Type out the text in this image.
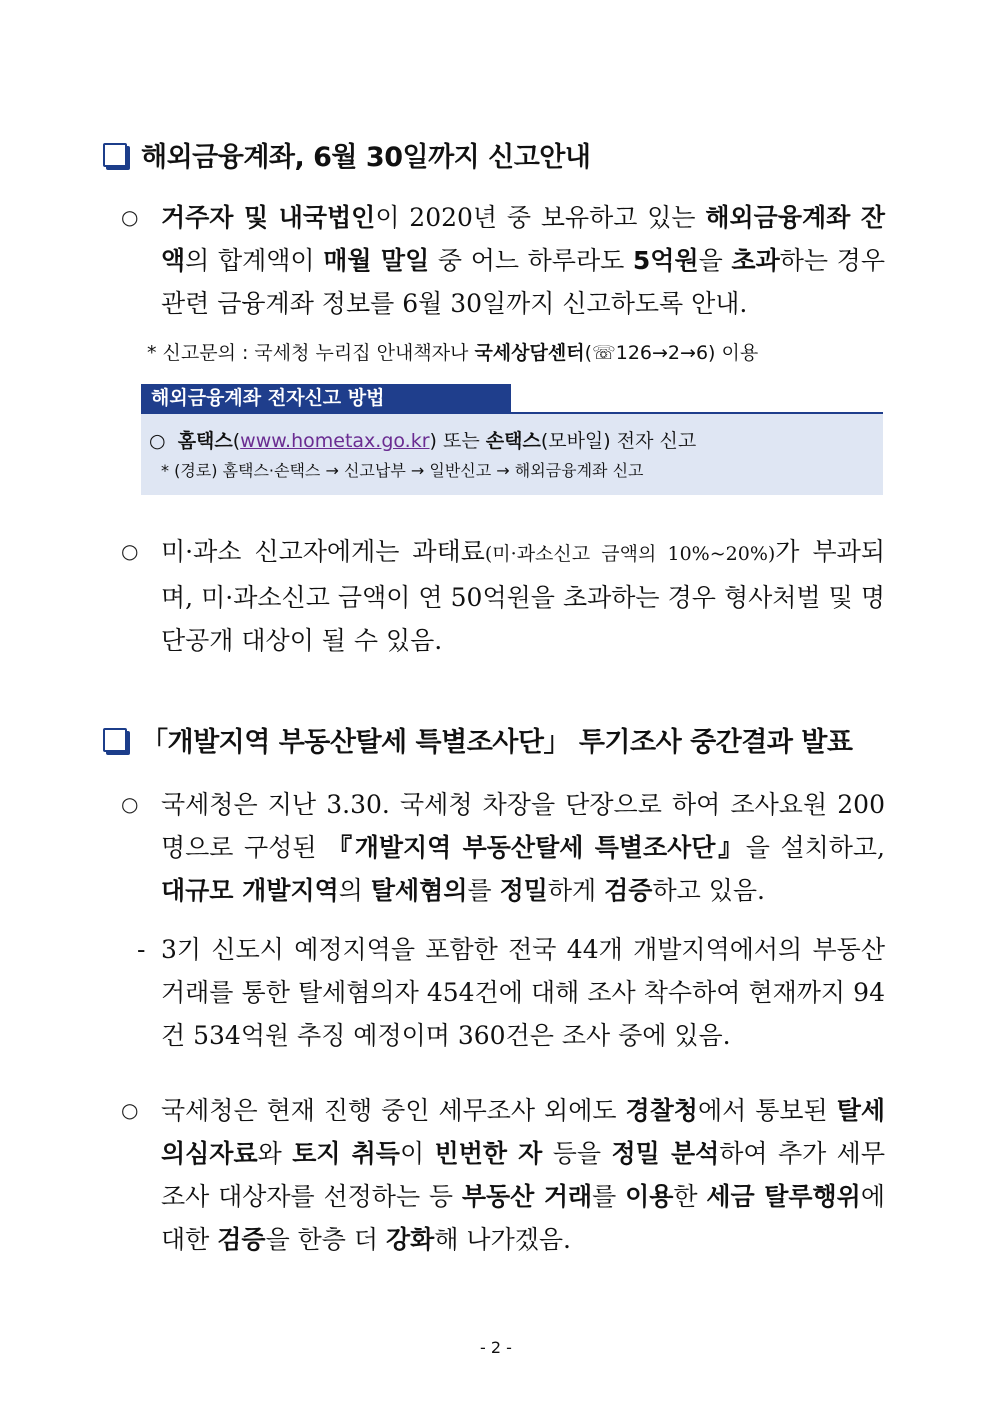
해외금융계좌, 6월 30일까지 신고안내
○ 거주자 및 내국법인이 2020년 중 보유하고 있는 해외금융계좌 잔액의 합계액이 매월 말일 중 어느 하루라도 5억원을 초과하는 경우 관련 금융계좌 정보를 6월 30일까지 신고하도록 안내.
* 신고문의 : 국세청 누리집 안내책자나 국세상담센터(☏126→2→6) 이용
해외금융계좌 전자신고 방법
○ 홈택스(www.hometax.go.kr) 또는 손택스(모바일) 전자 신고
* (경로) 홈택스·손택스 → 신고납부 → 일반신고 → 해외금융계좌 신고
○ 미·과소 신고자에게는 과태료(미·과소신고 금액의 10%~20%)가 부과되며, 미·과소신고 금액이 연 50억원을 초과하는 경우 형사처벌 및 명단공개 대상이 될 수 있음.
「개발지역 부동산탈세 특별조사단」 투기조사 중간결과 발표
○ 국세청은 지난 3.30. 국세청 차장을 단장으로 하여 조사요원 200명으로 구성된 『개발지역 부동산탈세 특별조사단』을 설치하고, 대규모 개발지역의 탈세혐의를 정밀하게 검증하고 있음.
- 3기 신도시 예정지역을 포함한 전국 44개 개발지역에서의 부동산 거래를 통한 탈세혐의자 454건에 대해 조사 착수하여 현재까지 94건 534억원 추징 예정이며 360건은 조사 중에 있음.
○ 국세청은 현재 진행 중인 세무조사 외에도 경찰청에서 통보된 탈세의심자료와 토지 취득이 빈번한 자 등을 정밀 분석하여 추가 세무조사 대상자를 선정하는 등 부동산 거래를 이용한 세금 탈루행위에 대한 검증을 한층 더 강화해 나가겠음.
- 2 -
